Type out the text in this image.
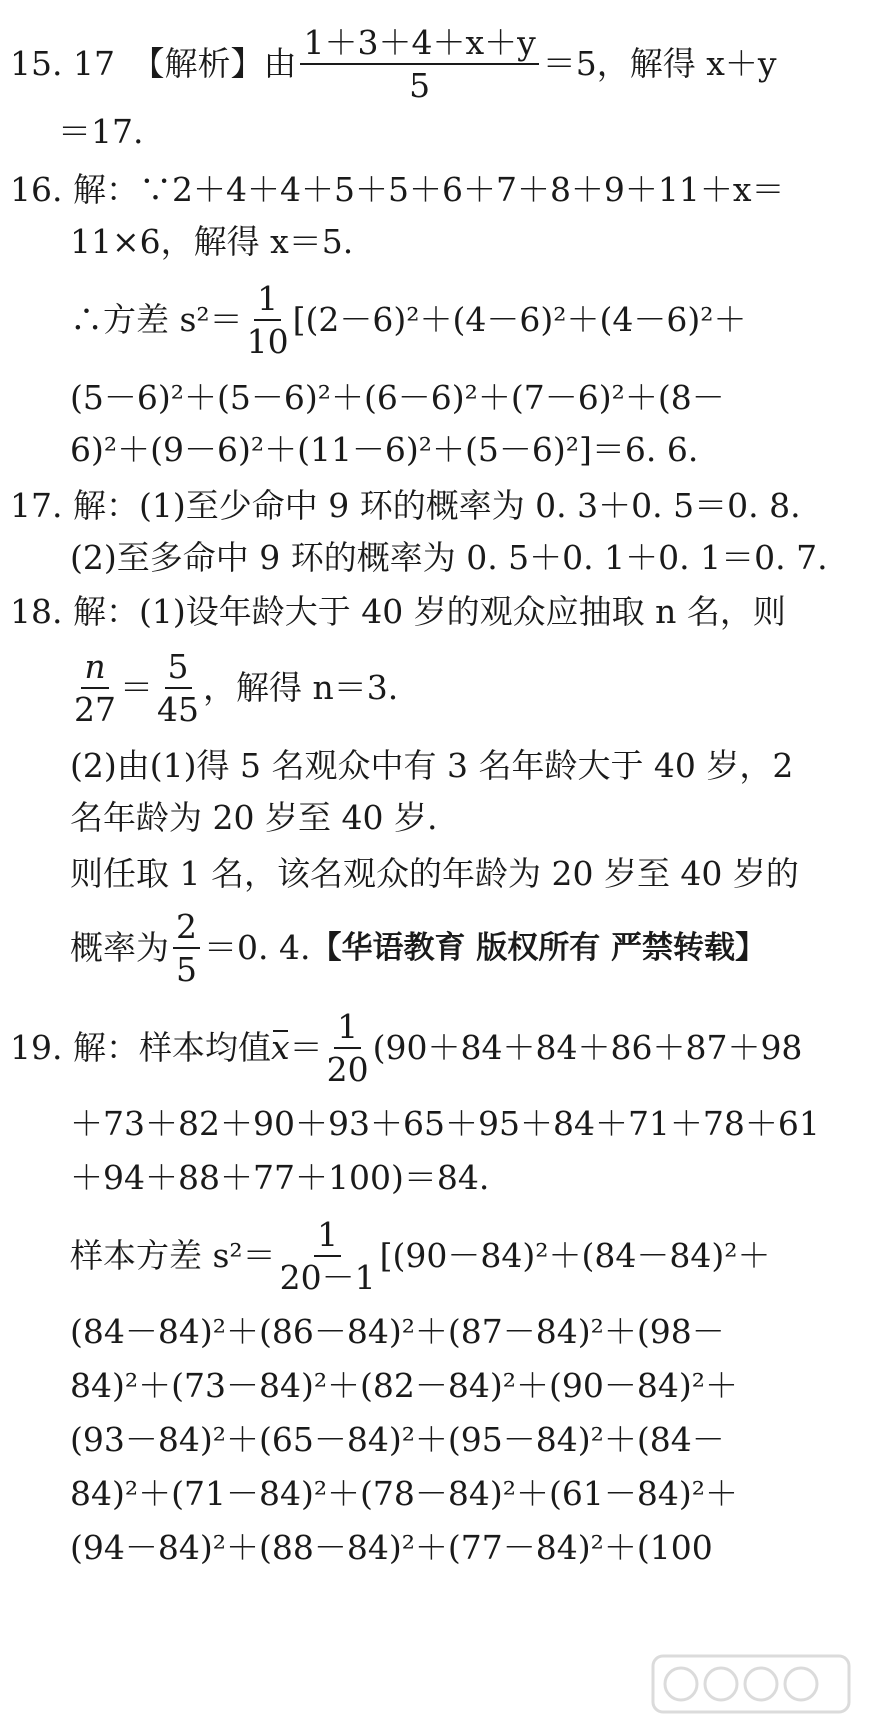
15. 17　【解析】由 $\frac{1+3+4+x+y}{5} =5$，解得 x＋y
＝17.
16. 解：∵2＋4＋4＋5＋5＋6＋7＋8＋9＋11＋x＝
11×6，解得 x＝5.
∴方差 $s^2= \frac{1}{10} [(2-6)^2+(4-6)^2+(4-6)^2+$
(5－6)²＋(5－6)²＋(6－6)²＋(7－6)²＋(8－
6)²＋(9－6)²＋(11－6)²＋(5－6)²]＝6. 6.
17. 解：(1)至少命中 9 环的概率为 0. 3＋0. 5＝0. 8.
(2)至多命中 9 环的概率为 0. 5＋0. 1＋0. 1＝0. 7.
18. 解：(1)设年龄大于 40 岁的观众应抽取 n 名，则
$\frac{n}{27} = \frac{5}{45}$ ，解得 n＝3.
(2)由(1)得 5 名观众中有 3 名年龄大于 40 岁，2
名年龄为 20 岁至 40 岁.
则任取 1 名，该名观众的年龄为 20 岁至 40 岁的
概率为 $\frac{2}{5} =0$. 4. 【华语教育 版权所有 严禁转载】
19. 解：样本均值 $x = \frac{1}{20} (90+84+84+86+87+98$
＋73＋82＋90＋93＋65＋95＋84＋71＋78＋61
＋94＋88＋77＋100)＝84.
样本方差 $s^2= \frac{1}{20-1} [(90-84)^2+(84-84)^2+$
(84－84)²＋(86－84)²＋(87－84)²＋(98－
84)²＋(73－84)²＋(82－84)²＋(90－84)²＋
(93－84)²＋(65－84)²＋(95－84)²＋(84－
84)²＋(71－84)²＋(78－84)²＋(61－84)²＋
(94－84)²＋(88－84)²＋(77－84)²＋(100
